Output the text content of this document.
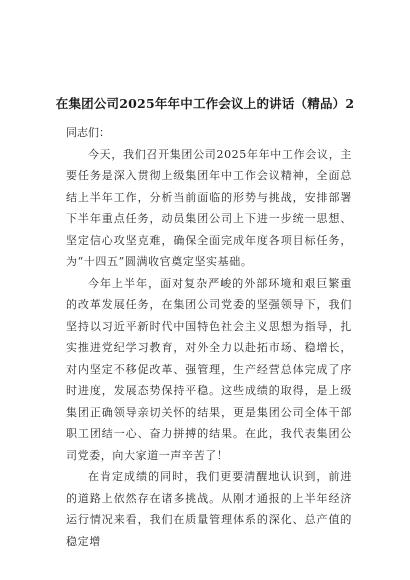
在集团公司2025年年中工作会议上的讲话（精品）2

同志们：

今天，我们召开集团公司2025年年中工作会议，主要任务是深入贯彻上级集团年中工作会议精神，全面总结上半年工作，分析当前面临的形势与挑战，安排部署下半年重点任务，动员集团公司上下进一步统一思想、坚定信心攻坚克难，确保全面完成年度各项目标任务，为“十四五”圆满收官奠定坚实基础。

今年上半年，面对复杂严峻的外部环境和艰巨繁重的改革发展任务，在集团公司党委的坚强领导下，我们坚持以习近平新时代中国特色社会主义思想为指导，扎实推进党纪学习教育，对外全力以赴拓市场、稳增长，对内坚定不移促改革、强管理，生产经营总体完成了序时进度，发展态势保持平稳。这些成绩的取得，是上级集团正确领导亲切关怀的结果，更是集团公司全体干部职工团结一心、奋力拼搏的结果。在此，我代表集团公司党委，向大家道一声辛苦了！

在肯定成绩的同时，我们更要清醒地认识到，前进的道路上依然存在诸多挑战。从刚才通报的上半年经济运行情况来看，我们在质量管理体系的深化、总产值的稳定增
